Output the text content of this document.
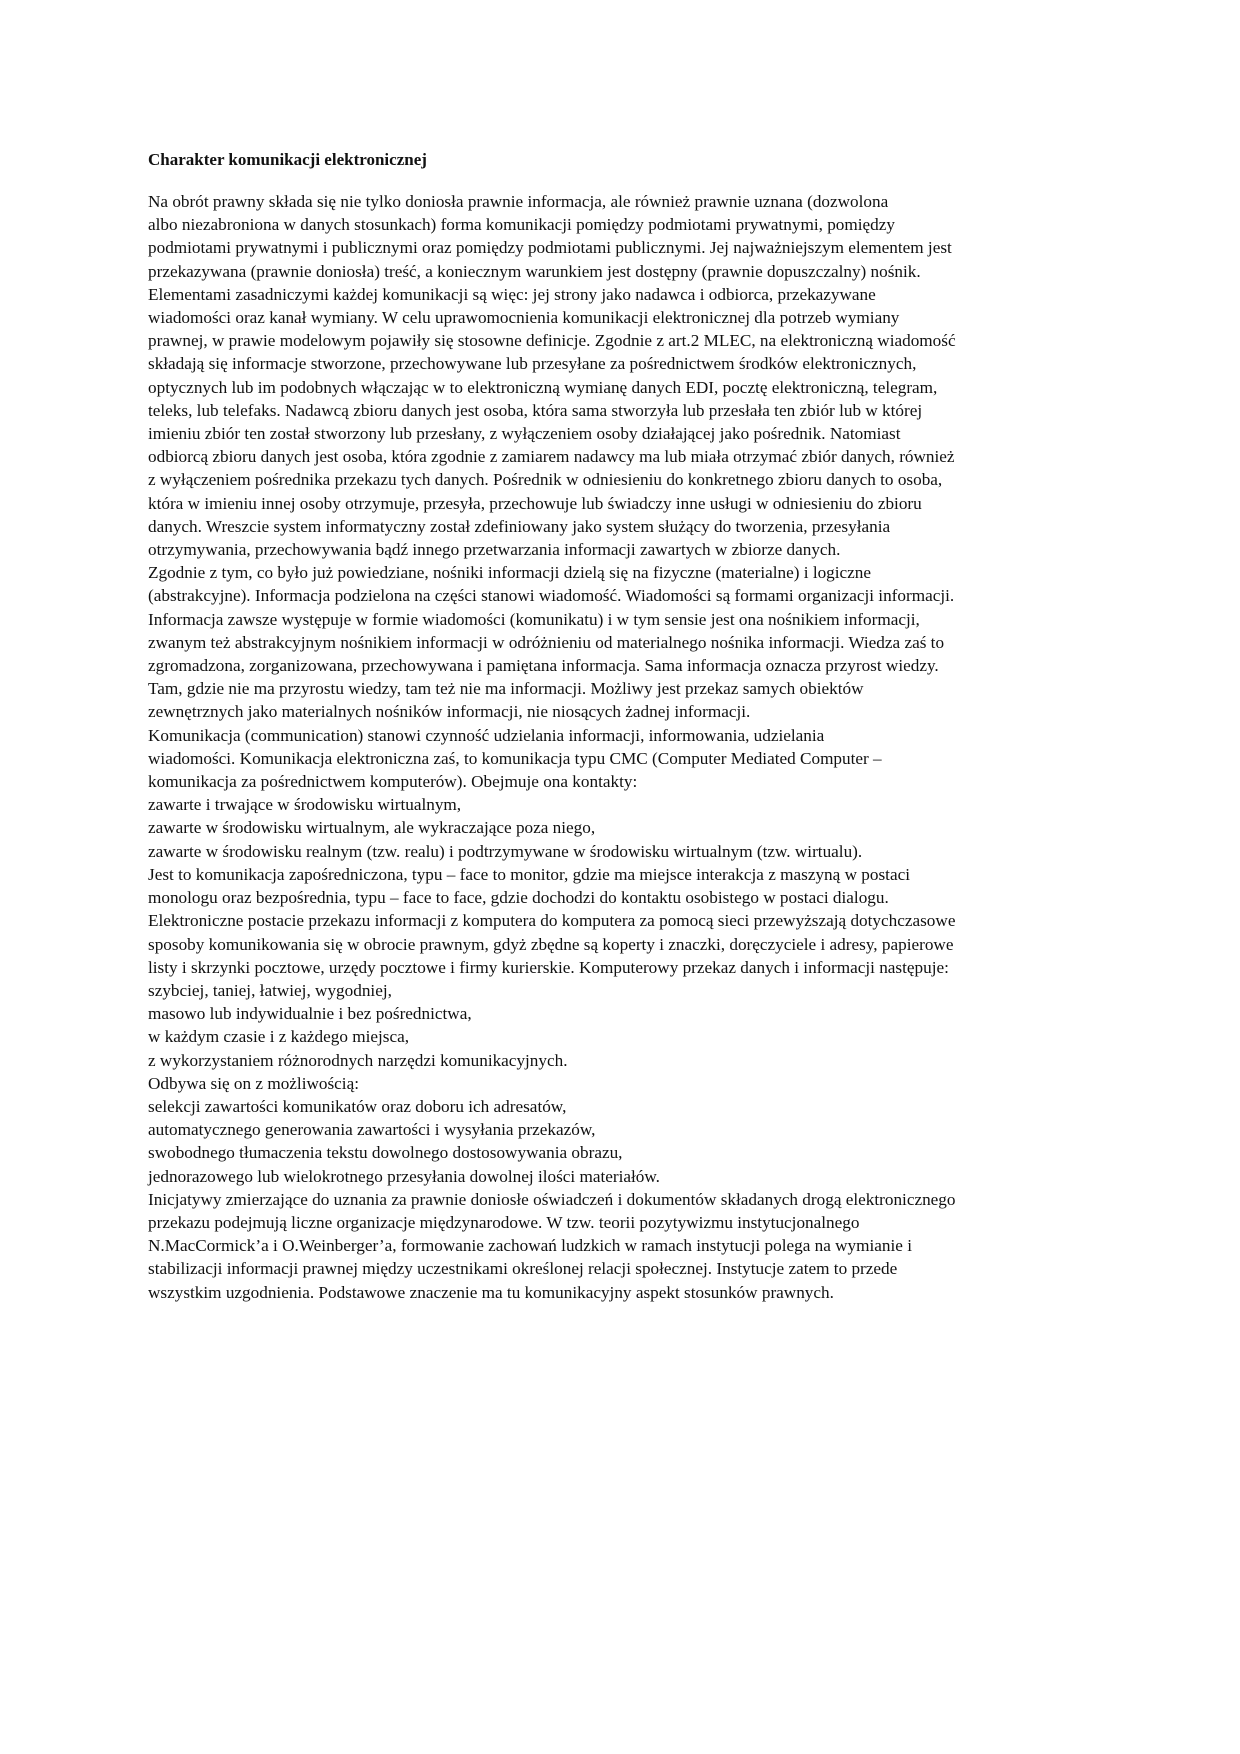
Charakter komunikacji elektronicznej
Na obrót prawny składa się nie tylko doniosła prawnie informacja, ale również prawnie uznana (dozwolona
albo niezabroniona w danych stosunkach) forma komunikacji pomiędzy podmiotami prywatnymi, pomiędzy
podmiotami prywatnymi i publicznymi oraz pomiędzy podmiotami publicznymi. Jej najważniejszym elementem jest
przekazywana (prawnie doniosła) treść, a koniecznym warunkiem jest dostępny (prawnie dopuszczalny) nośnik.
Elementami zasadniczymi każdej komunikacji są więc: jej strony jako nadawca i odbiorca, przekazywane
wiadomości oraz kanał wymiany. W celu uprawomocnienia komunikacji elektronicznej dla potrzeb wymiany
prawnej, w prawie modelowym pojawiły się stosowne definicje. Zgodnie z art.2 MLEC, na elektroniczną wiadomość
składają się informacje stworzone, przechowywane lub przesyłane za pośrednictwem środków elektronicznych,
optycznych lub im podobnych włączając w to elektroniczną wymianę danych EDI, pocztę elektroniczną, telegram,
teleks, lub telefaks. Nadawcą zbioru danych jest osoba, która sama stworzyła lub przesłała ten zbiór lub w której
imieniu zbiór ten został stworzony lub przesłany, z wyłączeniem osoby działającej jako pośrednik. Natomiast
odbiorcą zbioru danych jest osoba, która zgodnie z zamiarem nadawcy ma lub miała otrzymać zbiór danych, również
z wyłączeniem pośrednika przekazu tych danych. Pośrednik w odniesieniu do konkretnego zbioru danych to osoba,
która w imieniu innej osoby otrzymuje, przesyła, przechowuje lub świadczy inne usługi w odniesieniu do zbioru
danych. Wreszcie system informatyczny został zdefiniowany jako system służący do tworzenia, przesyłania
otrzymywania, przechowywania bądź innego przetwarzania informacji zawartych w zbiorze danych.
Zgodnie z tym, co było już powiedziane, nośniki informacji dzielą się na fizyczne (materialne) i logiczne
(abstrakcyjne). Informacja podzielona na części stanowi wiadomość. Wiadomości są formami organizacji informacji.
Informacja zawsze występuje w formie wiadomości (komunikatu) i w tym sensie jest ona nośnikiem informacji,
zwanym też abstrakcyjnym nośnikiem informacji w odróżnieniu od materialnego nośnika informacji. Wiedza zaś to
zgromadzona, zorganizowana, przechowywana i pamiętana informacja. Sama informacja oznacza przyrost wiedzy.
Tam, gdzie nie ma przyrostu wiedzy, tam też nie ma informacji. Możliwy jest przekaz samych obiektów
zewnętrznych jako materialnych nośników informacji, nie niosących żadnej informacji.
Komunikacja (communication) stanowi czynność udzielania informacji, informowania, udzielania
wiadomości. Komunikacja elektroniczna zaś, to komunikacja typu CMC (Computer Mediated Computer –
komunikacja za pośrednictwem komputerów). Obejmuje ona kontakty:
zawarte i trwające w środowisku wirtualnym,
zawarte w środowisku wirtualnym, ale wykraczające poza niego,
zawarte w środowisku realnym (tzw. realu) i podtrzymywane w środowisku wirtualnym (tzw. wirtualu).
Jest to komunikacja zapośredniczona, typu – face to monitor, gdzie ma miejsce interakcja z maszyną w postaci
monologu oraz bezpośrednia, typu – face to face, gdzie dochodzi do kontaktu osobistego w postaci dialogu.
Elektroniczne postacie przekazu informacji z komputera do komputera za pomocą sieci przewyższają dotychczasowe
sposoby komunikowania się w obrocie prawnym, gdyż zbędne są koperty i znaczki, doręczyciele i adresy, papierowe
listy i skrzynki pocztowe, urzędy pocztowe i firmy kurierskie. Komputerowy przekaz danych i informacji następuje:
szybciej, taniej, łatwiej, wygodniej,
masowo lub indywidualnie i bez pośrednictwa,
w każdym czasie i z każdego miejsca,
z wykorzystaniem różnorodnych narzędzi komunikacyjnych.
Odbywa się on z możliwością:
selekcji zawartości komunikatów oraz doboru ich adresatów,
automatycznego generowania zawartości i wysyłania przekazów,
swobodnego tłumaczenia tekstu dowolnego dostosowywania obrazu,
jednorazowego lub wielokrotnego przesyłania dowolnej ilości materiałów.
Inicjatywy zmierzające do uznania za prawnie doniosłe oświadczeń i dokumentów składanych drogą elektronicznego
przekazu podejmują liczne organizacje międzynarodowe. W tzw. teorii pozytywizmu instytucjonalnego
N.MacCormick’a i O.Weinberger’a, formowanie zachowań ludzkich w ramach instytucji polega na wymianie i
stabilizacji informacji prawnej między uczestnikami określonej relacji społecznej. Instytucje zatem to przede
wszystkim uzgodnienia. Podstawowe znaczenie ma tu komunikacyjny aspekt stosunków prawnych.
